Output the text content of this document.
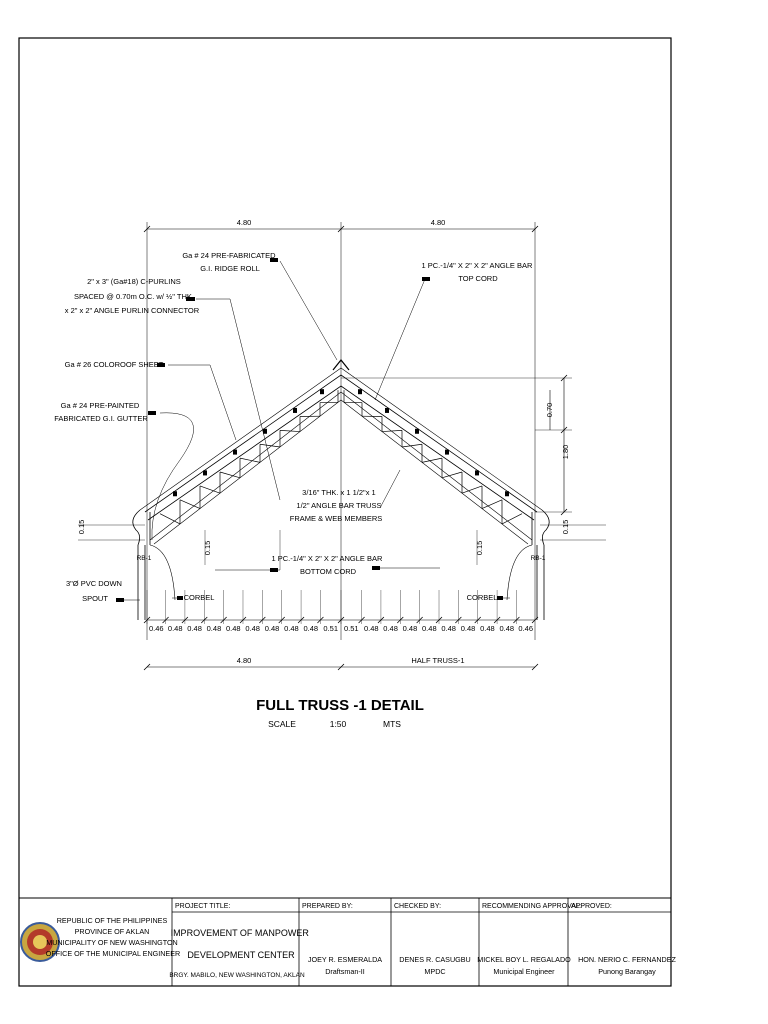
4.80	4.80
4.80	HALF TRUSS-1
0.46 0.48 0.48 0.48 0.48 0.48 0.48 0.48 0.48 0.51 0.51 0.48 0.48 0.48 0.48 0.48 0.48 0.48 0.48 0.46
0.70
1.80
0.15	0.15
0.15	0.15
Ga # 24 PRE-FABRICATED G.I. RIDGE ROLL
2" x 3" (Ga#18) C-PURLINS SPACED @ 0.70m O.C. w/ ½" THK. x 2" x 2" ANGLE PURLIN CONNECTOR
1 PC.-1/4" X 2" X 2" ANGLE BAR TOP CORD
Ga # 26 COLOROOF SHEET
Ga # 24 PRE-PAINTED FABRICATED G.I. GUTTER
3/16" THK. x 1 1/2"x 1 1/2" ANGLE BAR TRUSS FRAME & WEB MEMBERS
1 PC.-1/4" X 2" X 2" ANGLE BAR BOTTOM CORD
3"Ø PVC DOWN SPOUT	CORBEL	CORBEL
RB-1	RB-1
FULL TRUSS -1 DETAIL
SCALE	1:50	MTS
REPUBLIC OF THE PHILIPPINES PROVINCE OF AKLAN MUNICIPALITY OF NEW WASHINGTON OFFICE OF THE MUNICIPAL ENGINEER
PROJECT TITLE:
IMPROVEMENT OF MANPOWER DEVELOPMENT CENTER
BRGY. MABILO, NEW WASHINGTON, AKLAN
PREPARED BY:
JOEY R. ESMERALDA
Draftsman-II
CHECKED BY:
DENES R. CASUGBU
MPDC
RECOMMENDING APPROVAL:
MICKEL BOY L. REGALADO
Municipal Engineer
APPROVED:
HON. NERIO C. FERNANDEZ
Punong Barangay
